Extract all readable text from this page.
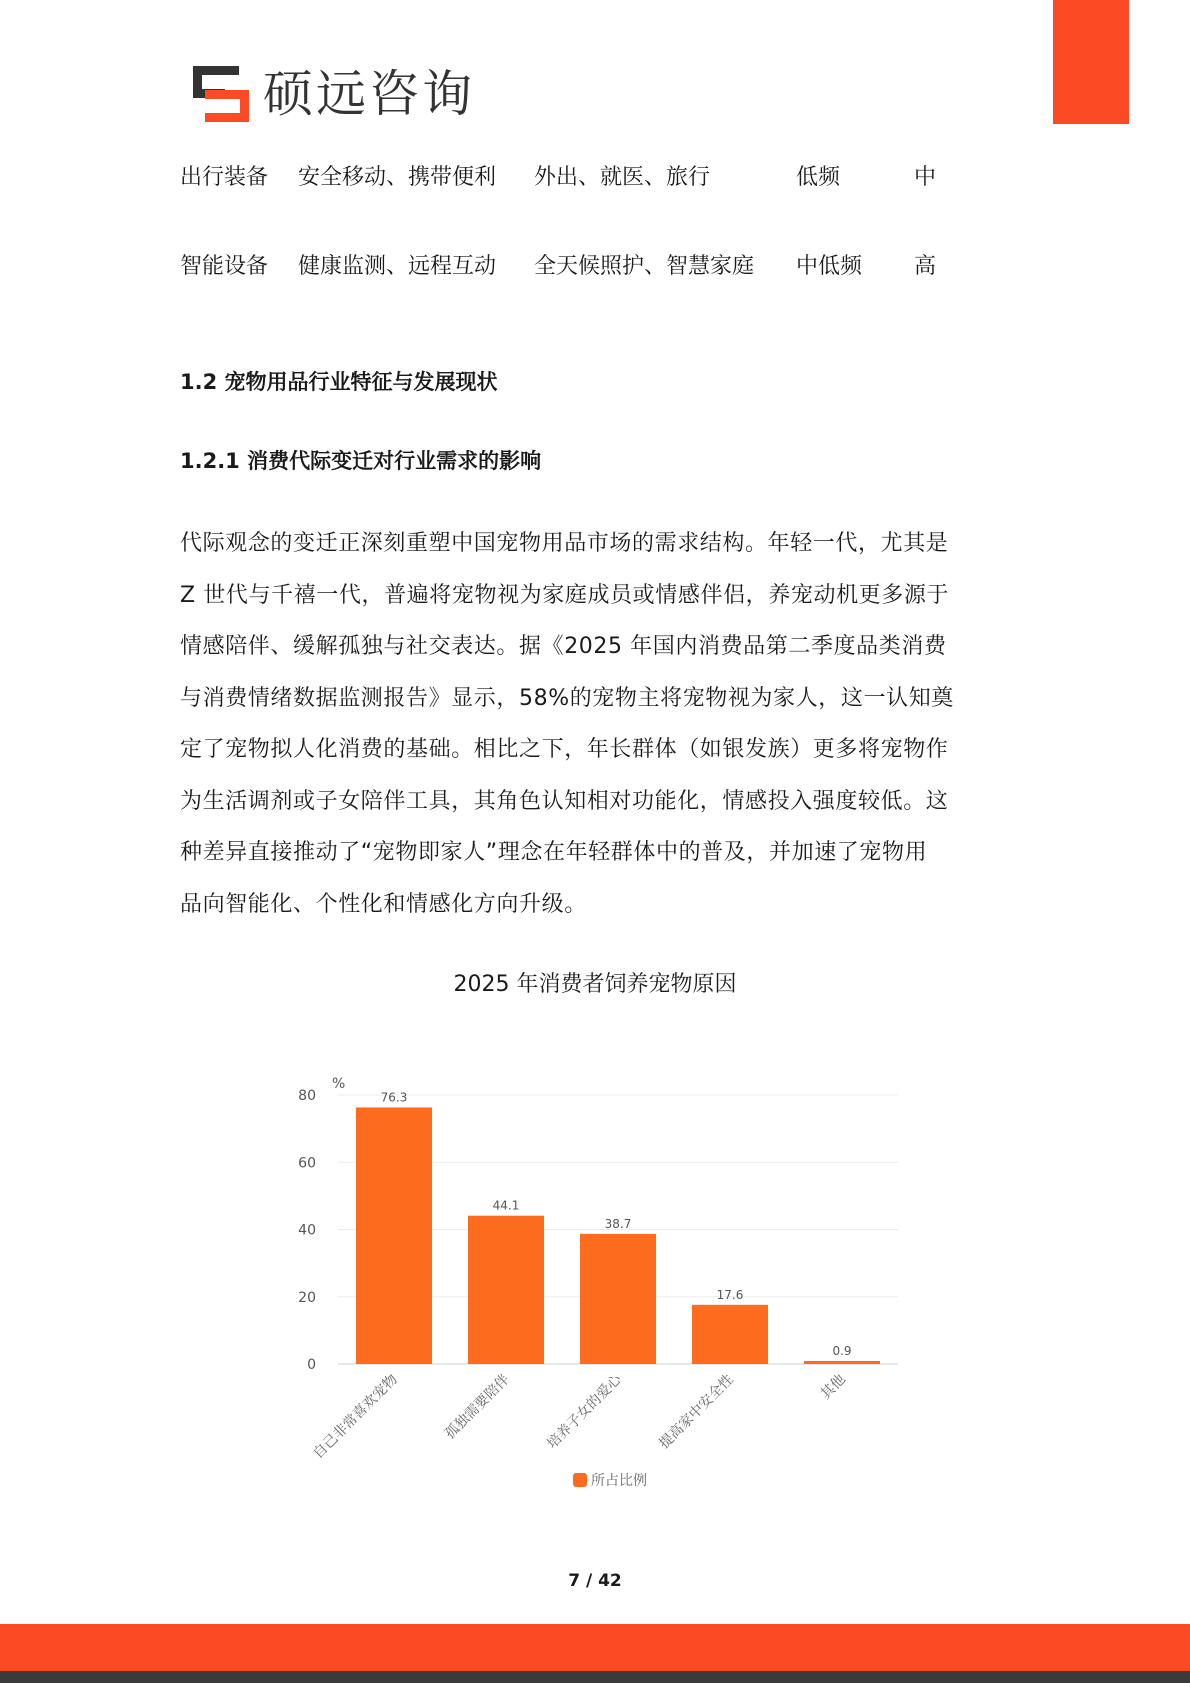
硕远咨询
出行装备 安全移动、携带便利 外出、就医、旅行	低频	中
智能设备 健康监测、远程互动 全天候照护、智慧家庭 中低频 高
1.2 宠物用品行业特征与发展现状
1.2.1 消费代际变迁对行业需求的影响
代际观念的变迁正深刻重塑中国宠物用品市场的需求结构。年轻一代，尤其是
Z 世代与千禧一代，普遍将宠物视为家庭成员或情感伴侣，养宠动机更多源于
情感陪伴、缓解孤独与社交表达。据《2025 年国内消费品第二季度品类消费
与消费情绪数据监测报告》显示，58%的宠物主将宠物视为家人，这一认知奠
定了宠物拟人化消费的基础。相比之下，年长群体（如银发族）更多将宠物作
为生活调剂或子女陪伴工具，其角色认知相对功能化，情感投入强度较低。这
种差异直接推动了“宠物即家人”理念在年轻群体中的普及，并加速了宠物用
品向智能化、个性化和情感化方向升级。
2025 年消费者饲养宠物原因
0
20
40
60
80
%
76.3
自己非常喜欢宠物
44.1
孤独需要陪伴
38.7
培养子女的爱心
17.6
提高家中安全性
0.9
其他
所占比例
7 / 42
